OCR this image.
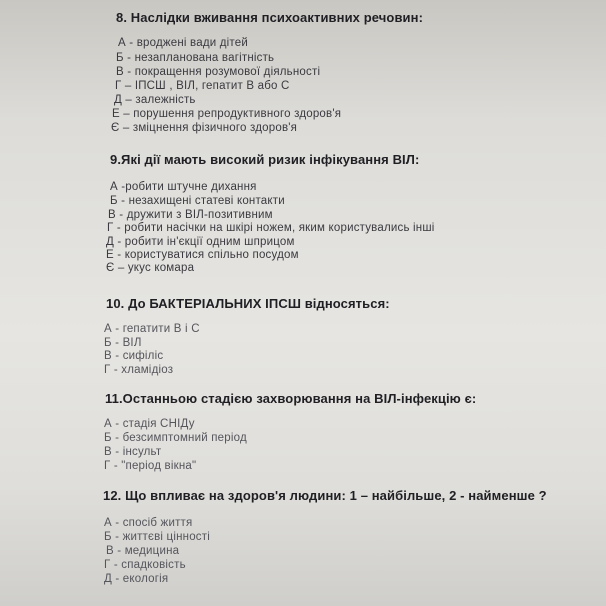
8. Наслідки вживання психоактивних речовин:
А - вроджені вади дітей
Б - незапланована вагітність
В - покращення розумової діяльності
Г – ІПСШ , ВІЛ, гепатит В або С
Д – залежність
Е – порушення репродуктивного здоров'я
Є – зміцнення фізичного здоров'я
9.Які дії мають високий ризик інфікування ВІЛ:
А -робити штучне дихання
Б - незахищені статеві контакти
В - дружити з ВІЛ-позитивним
Г - робити насічки на шкірі ножем, яким користувались інші
Д - робити ін'єкції одним шприцом
Е - користуватися спільно посудом
Є – укус комара
10. До БАКТЕРІАЛЬНИХ ІПСШ відносяться:
А - гепатити В і С
Б - ВІЛ
В - сифіліс
Г - хламідіоз
11.Останньою стадією захворювання на ВІЛ-інфекцію є:
А - стадія СНІДу
Б - безсимптомний період
В - інсульт
Г - "період вікна"
12. Що впливає на здоров'я людини: 1 – найбільше, 2 - найменше ?
А - спосіб життя
Б - життєві цінності
В - медицина
Г - спадковість
Д - екологія
